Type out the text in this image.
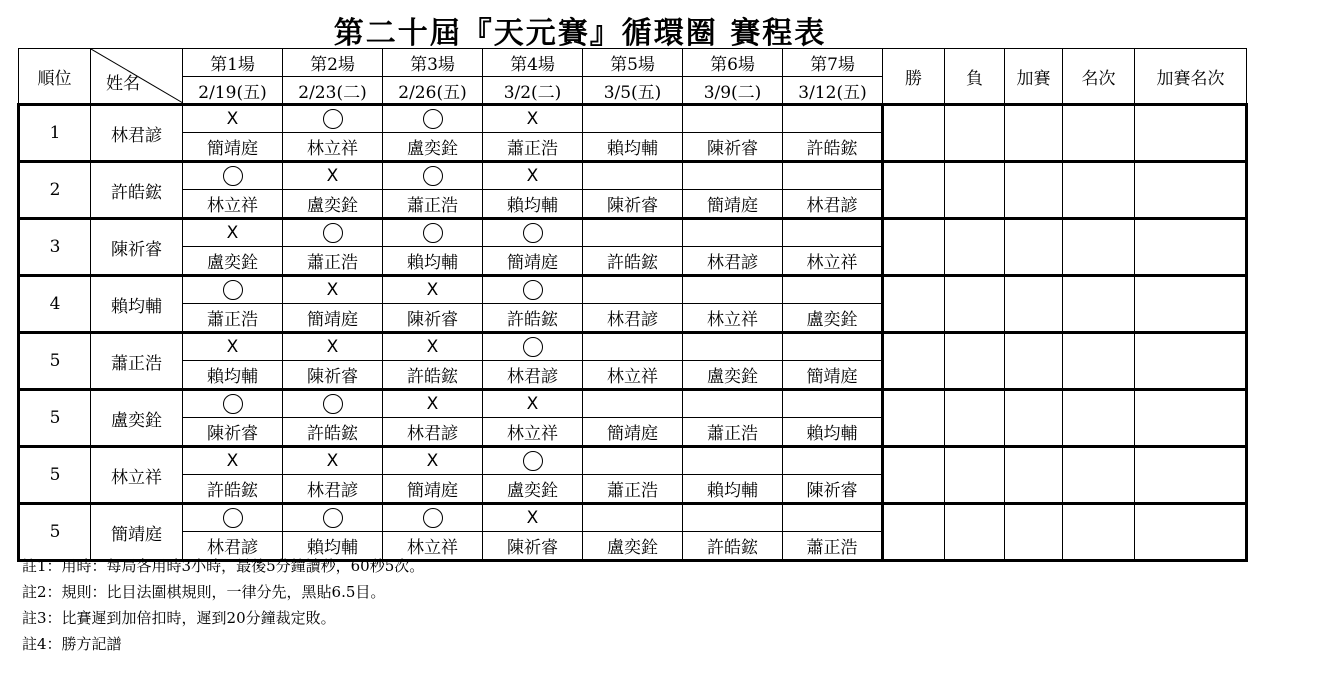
第二十屆『天元賽』循環圈 賽程表
順位	姓名	第1場	第2場	第3場	第4場	第5場	第6場	第7場	勝	負	加賽	名次	加賽名次
		2/19(五)	2/23(二)	2/26(五)	3/2(二)	3/5(五)	3/9(二)	3/12(五)					
1	林君諺	X			X								
		簡靖庭	林立祥	盧奕銓	蕭正浩	賴均輔	陳祈睿	許皓鋐					
2	許皓鋐		X		X								
		林立祥	盧奕銓	蕭正浩	賴均輔	陳祈睿	簡靖庭	林君諺					
3	陳祈睿	X											
		盧奕銓	蕭正浩	賴均輔	簡靖庭	許皓鋐	林君諺	林立祥					
4	賴均輔		X	X									
		蕭正浩	簡靖庭	陳祈睿	許皓鋐	林君諺	林立祥	盧奕銓					
5	蕭正浩	X	X	X									
		賴均輔	陳祈睿	許皓鋐	林君諺	林立祥	盧奕銓	簡靖庭					
5	盧奕銓			X	X								
		陳祈睿	許皓鋐	林君諺	林立祥	簡靖庭	蕭正浩	賴均輔					
5	林立祥	X	X	X									
		許皓鋐	林君諺	簡靖庭	盧奕銓	蕭正浩	賴均輔	陳祈睿					
5	簡靖庭				X								
		林君諺	賴均輔	林立祥	陳祈睿	盧奕銓	許皓鋐	蕭正浩					
註1：用時：每局各用時3小時，最後5分鐘讀秒，60秒5次。
註2：規則：比目法圍棋規則，一律分先，黑貼6.5目。
註3：比賽遲到加倍扣時，遲到20分鐘裁定敗。
註4：勝方記譜
